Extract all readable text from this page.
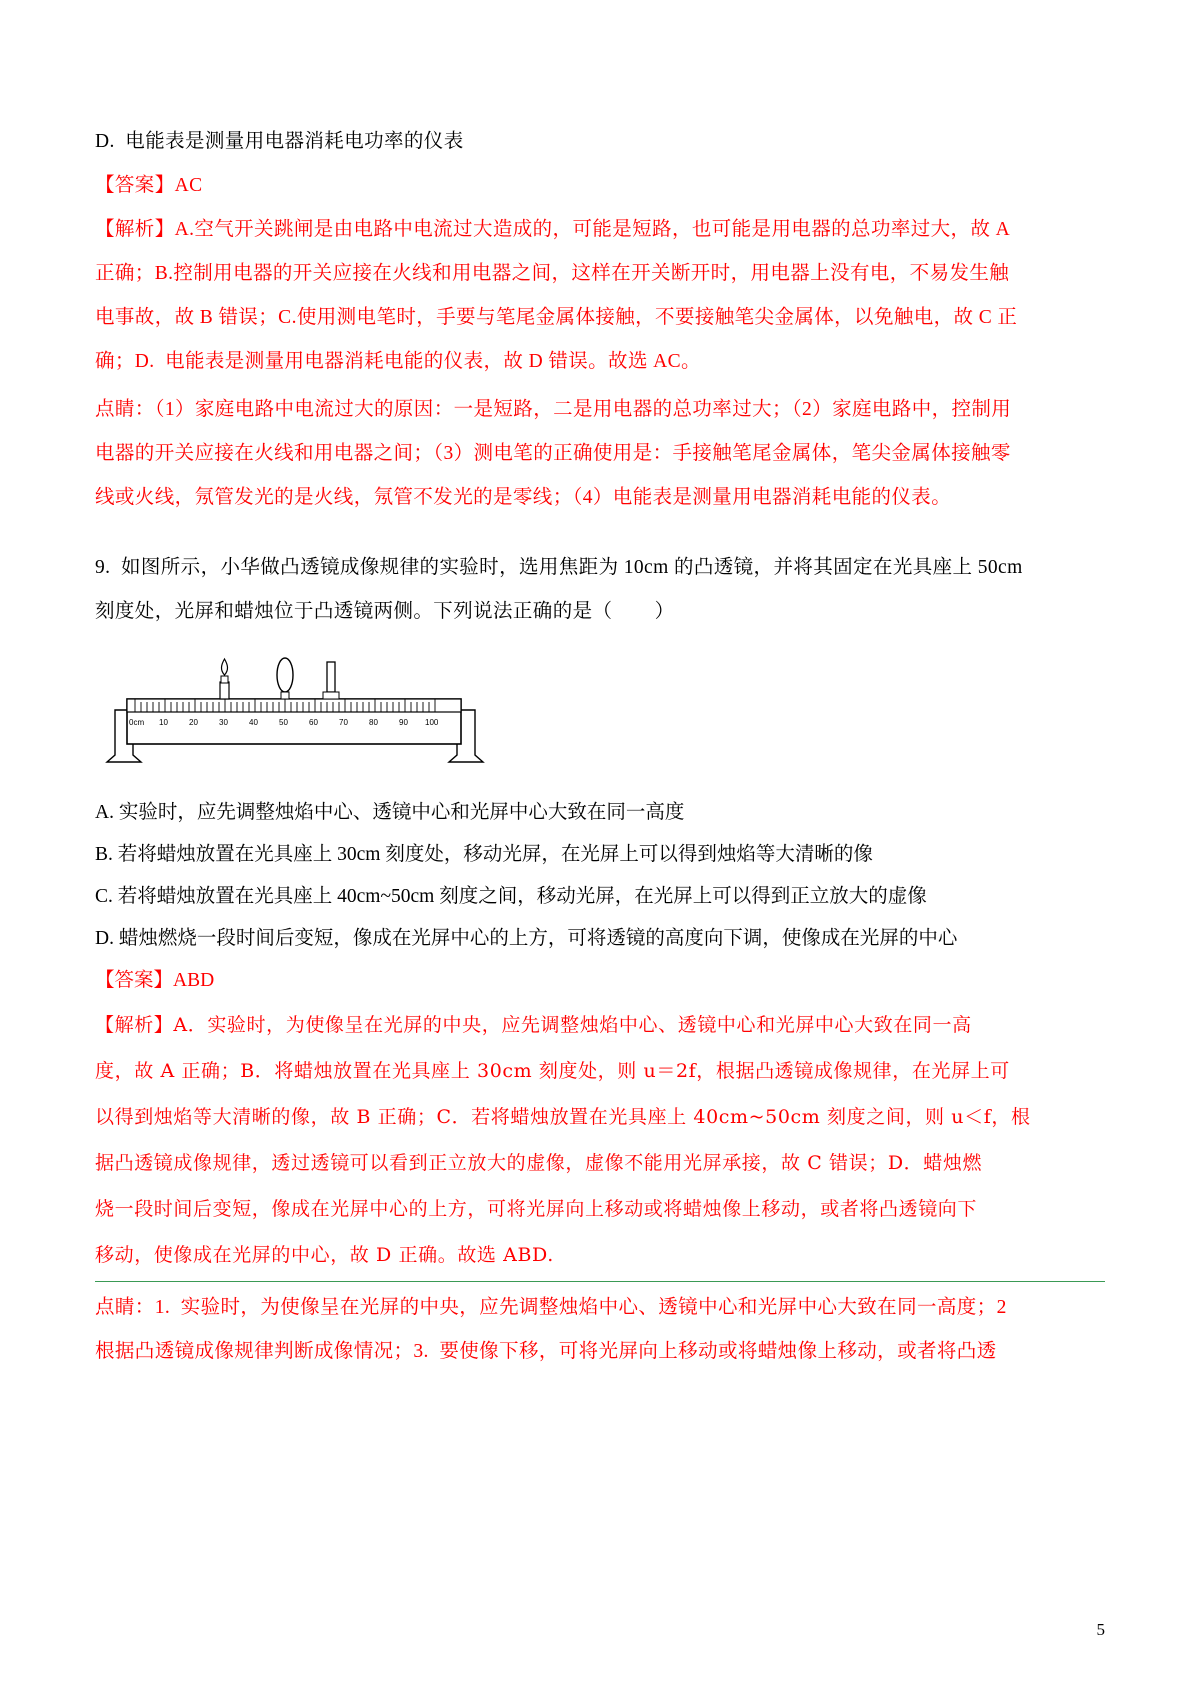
D.  电能表是测量用电器消耗电功率的仪表
【答案】AC
【解析】A.空气开关跳闸是由电路中电流过大造成的，可能是短路，也可能是用电器的总功率过大，故 A
正确；B.控制用电器的开关应接在火线和用电器之间，这样在开关断开时，用电器上没有电，不易发生触
电事故，故 B 错误；C.使用测电笔时，手要与笔尾金属体接触，不要接触笔尖金属体，以免触电，故 C 正
确；D.  电能表是测量用电器消耗电能的仪表，故 D 错误。故选 AC。
点睛：（1）家庭电路中电流过大的原因：一是短路，二是用电器的总功率过大；（2）家庭电路中，控制用
电器的开关应接在火线和用电器之间；（3）测电笔的正确使用是：手接触笔尾金属体，笔尖金属体接触零
线或火线，氖管发光的是火线，氖管不发光的是零线；（4）电能表是测量用电器消耗电能的仪表。
9.  如图所示，小华做凸透镜成像规律的实验时，选用焦距为 10cm 的凸透镜，并将其固定在光具座上 50cm
刻度处，光屏和蜡烛位于凸透镜两侧。下列说法正确的是（        ）
0cm 10	20	30	40	50	60	70	80	90 100
A. 实验时，应先调整烛焰中心、透镜中心和光屏中心大致在同一高度
B. 若将蜡烛放置在光具座上 30cm 刻度处，移动光屏，在光屏上可以得到烛焰等大清晰的像
C. 若将蜡烛放置在光具座上 40cm~50cm 刻度之间，移动光屏，在光屏上可以得到正立放大的虚像
D. 蜡烛燃烧一段时间后变短，像成在光屏中心的上方，可将透镜的高度向下调，使像成在光屏的中心
【答案】ABD
【解析】A．实验时，为使像呈在光屏的中央，应先调整烛焰中心、透镜中心和光屏中心大致在同一高
度，故 A 正确；B．将蜡烛放置在光具座上 30cm 刻度处，则 u＝2f，根据凸透镜成像规律，在光屏上可
以得到烛焰等大清晰的像，故 B 正确；C．若将蜡烛放置在光具座上 40cm~50cm 刻度之间，则 u＜f，根
据凸透镜成像规律，透过透镜可以看到正立放大的虚像，虚像不能用光屏承接，故 C 错误；D．蜡烛燃
烧一段时间后变短，像成在光屏中心的上方，可将光屏向上移动或将蜡烛像上移动，或者将凸透镜向下
移动，使像成在光屏的中心，故 D 正确。故选 ABD.
点睛：1.  实验时，为使像呈在光屏的中央，应先调整烛焰中心、透镜中心和光屏中心大致在同一高度；2
根据凸透镜成像规律判断成像情况；3.  要使像下移，可将光屏向上移动或将蜡烛像上移动，或者将凸透
5
